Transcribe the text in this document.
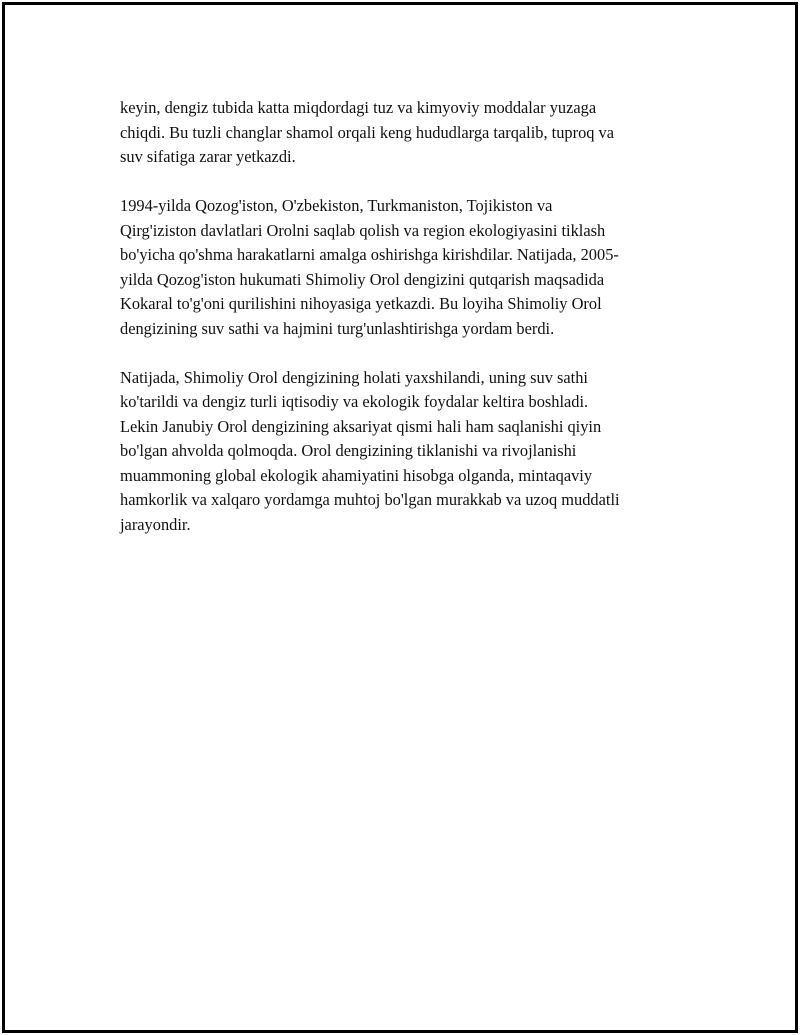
keyin, dengiz tubida katta miqdordagi tuz va kimyoviy moddalar yuzaga
chiqdi. Bu tuzli changlar shamol orqali keng hududlarga tarqalib, tuproq va
suv sifatiga zarar yetkazdi.

1994-yilda Qozog'iston, O'zbekiston, Turkmaniston, Tojikiston va
Qirg'iziston davlatlari Orolni saqlab qolish va region ekologiyasini tiklash
bo'yicha qo'shma harakatlarni amalga oshirishga kirishdilar. Natijada, 2005-
yilda Qozog'iston hukumati Shimoliy Orol dengizini qutqarish maqsadida
Kokaral to'g'oni qurilishini nihoyasiga yetkazdi. Bu loyiha Shimoliy Orol
dengizining suv sathi va hajmini turg'unlashtirishga yordam berdi.

Natijada, Shimoliy Orol dengizining holati yaxshilandi, uning suv sathi
ko'tarildi va dengiz turli iqtisodiy va ekologik foydalar keltira boshladi.
Lekin Janubiy Orol dengizining aksariyat qismi hali ham saqlanishi qiyin
bo'lgan ahvolda qolmoqda. Orol dengizining tiklanishi va rivojlanishi
muammoning global ekologik ahamiyatini hisobga olganda, mintaqaviy
hamkorlik va xalqaro yordamga muhtoj bo'lgan murakkab va uzoq muddatli
jarayondir.
